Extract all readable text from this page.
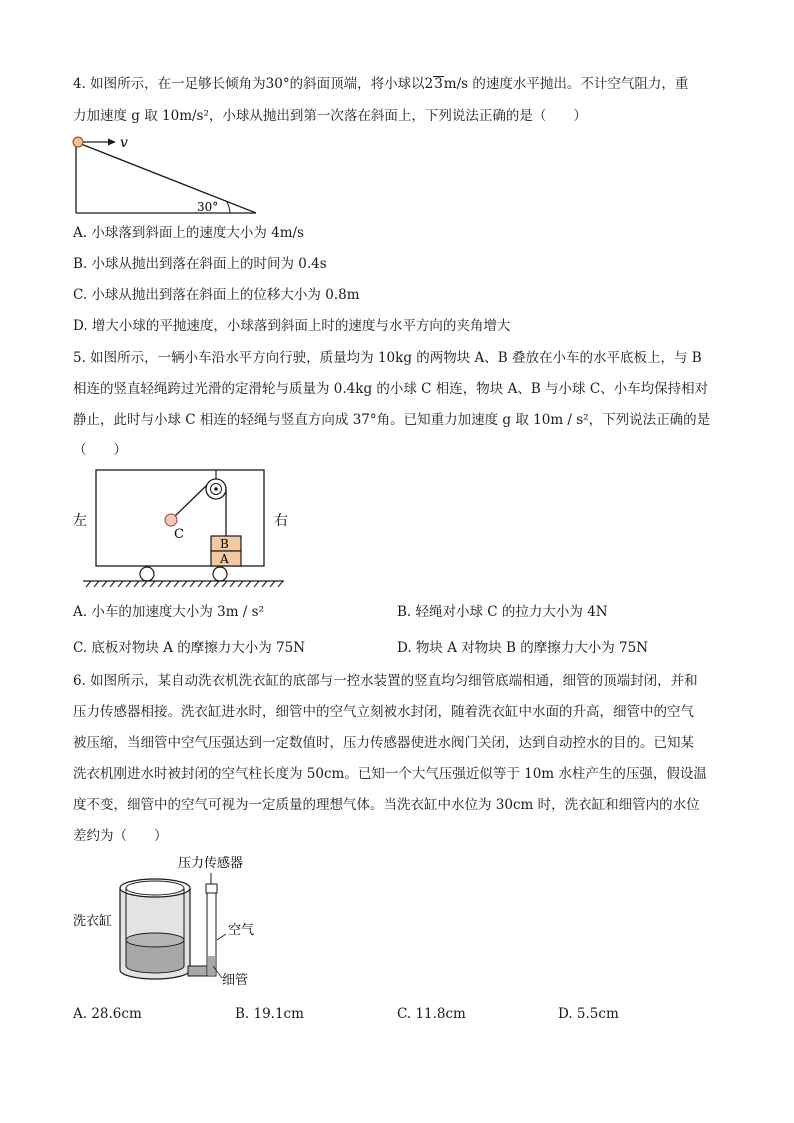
4. 如图所示，在一足够长倾角为30°的斜面顶端，将小球以23m/s 的速度水平抛出。不计空气阻力，重
力加速度 g 取 10m/s²，小球从抛出到第一次落在斜面上，下列说法正确的是（　　）
v
30°
A. 小球落到斜面上的速度大小为 4m/s
B. 小球从抛出到落在斜面上的时间为 0.4s
C. 小球从抛出到落在斜面上的位移大小为 0.8m
D. 增大小球的平抛速度，小球落到斜面上时的速度与水平方向的夹角增大
5. 如图所示，一辆小车沿水平方向行驶，质量均为 10kg 的两物块 A、B 叠放在小车的水平底板上，与 B
相连的竖直轻绳跨过光滑的定滑轮与质量为 0.4kg 的小球 C 相连，物块 A、B 与小球 C、小车均保持相对
静止，此时与小球 C 相连的轻绳与竖直方向成 37°角。已知重力加速度 g 取 10m / s²，下列说法正确的是
（　　）
C
B
A
左	右
A. 小车的加速度大小为 3m / s²	B. 轻绳对小球 C 的拉力大小为 4N
C. 底板对物块 A 的摩擦力大小为 75N	D. 物块 A 对物块 B 的摩擦力大小为 75N
6. 如图所示，某自动洗衣机洗衣缸的底部与一控水装置的竖直均匀细管底端相通，细管的顶端封闭，并和
压力传感器相接。洗衣缸进水时，细管中的空气立刻被水封闭，随着洗衣缸中水面的升高，细管中的空气
被压缩，当细管中空气压强达到一定数值时，压力传感器使进水阀门关闭，达到自动控水的目的。已知某
洗衣机刚进水时被封闭的空气柱长度为 50cm。已知一个大气压强近似等于 10m 水柱产生的压强，假设温
度不变，细管中的空气可视为一定质量的理想气体。当洗衣缸中水位为 30cm 时，洗衣缸和细管内的水位
差约为（　　）
压力传感器
洗衣缸
空气
细管
A. 28.6cm	B. 19.1cm	C. 11.8cm	D. 5.5cm
